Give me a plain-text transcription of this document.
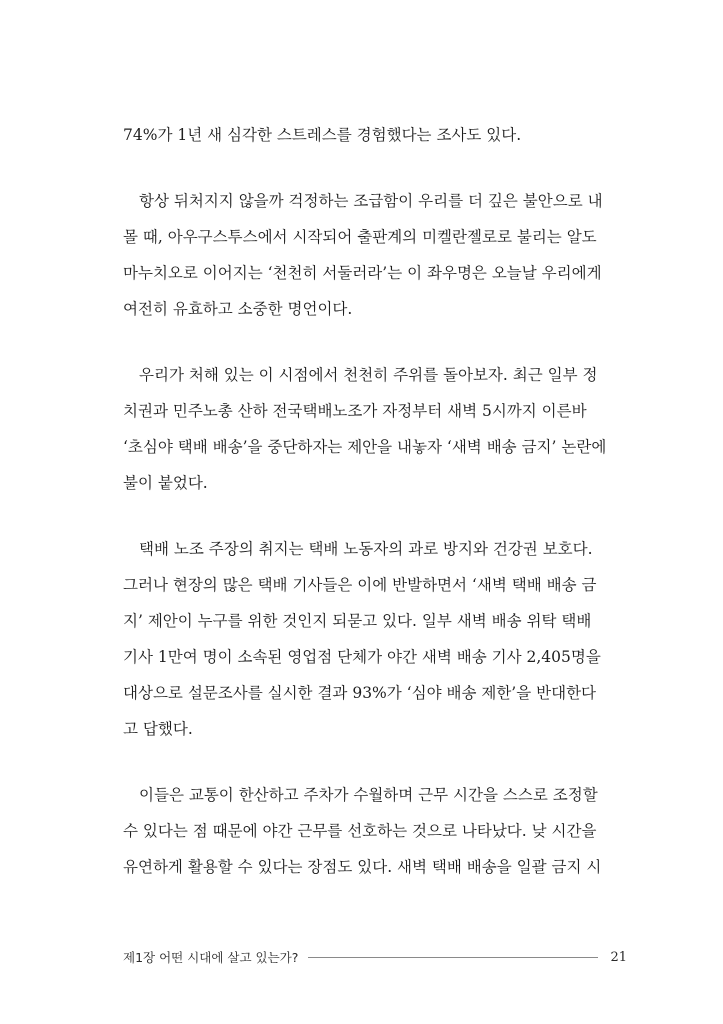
74%가 1년 새 심각한 스트레스를 경험했다는 조사도 있다.
항상 뒤처지지 않을까 걱정하는 조급함이 우리를 더 깊은 불안으로 내
몰 때, 아우구스투스에서 시작되어 출판계의 미켈란젤로로 불리는 알도
마누치오로 이어지는 ‘천천히 서둘러라’는 이 좌우명은 오늘날 우리에게
여전히 유효하고 소중한 명언이다.
우리가 처해 있는 이 시점에서 천천히 주위를 돌아보자. 최근 일부 정
치권과 민주노총 산하 전국택배노조가 자정부터 새벽 5시까지 이른바
‘초심야 택배 배송’을 중단하자는 제안을 내놓자 ‘새벽 배송 금지’ 논란에
불이 붙었다.
택배 노조 주장의 취지는 택배 노동자의 과로 방지와 건강권 보호다.
그러나 현장의 많은 택배 기사들은 이에 반발하면서 ‘새벽 택배 배송 금
지’ 제안이 누구를 위한 것인지 되묻고 있다. 일부 새벽 배송 위탁 택배
기사 1만여 명이 소속된 영업점 단체가 야간 새벽 배송 기사 2,405명을
대상으로 설문조사를 실시한 결과 93%가 ‘심야 배송 제한’을 반대한다
고 답했다.
이들은 교통이 한산하고 주차가 수월하며 근무 시간을 스스로 조정할
수 있다는 점 때문에 야간 근무를 선호하는 것으로 나타났다. 낮 시간을
유연하게 활용할 수 있다는 장점도 있다. 새벽 택배 배송을 일괄 금지 시
제1장 어떤 시대에 살고 있는가?	21
